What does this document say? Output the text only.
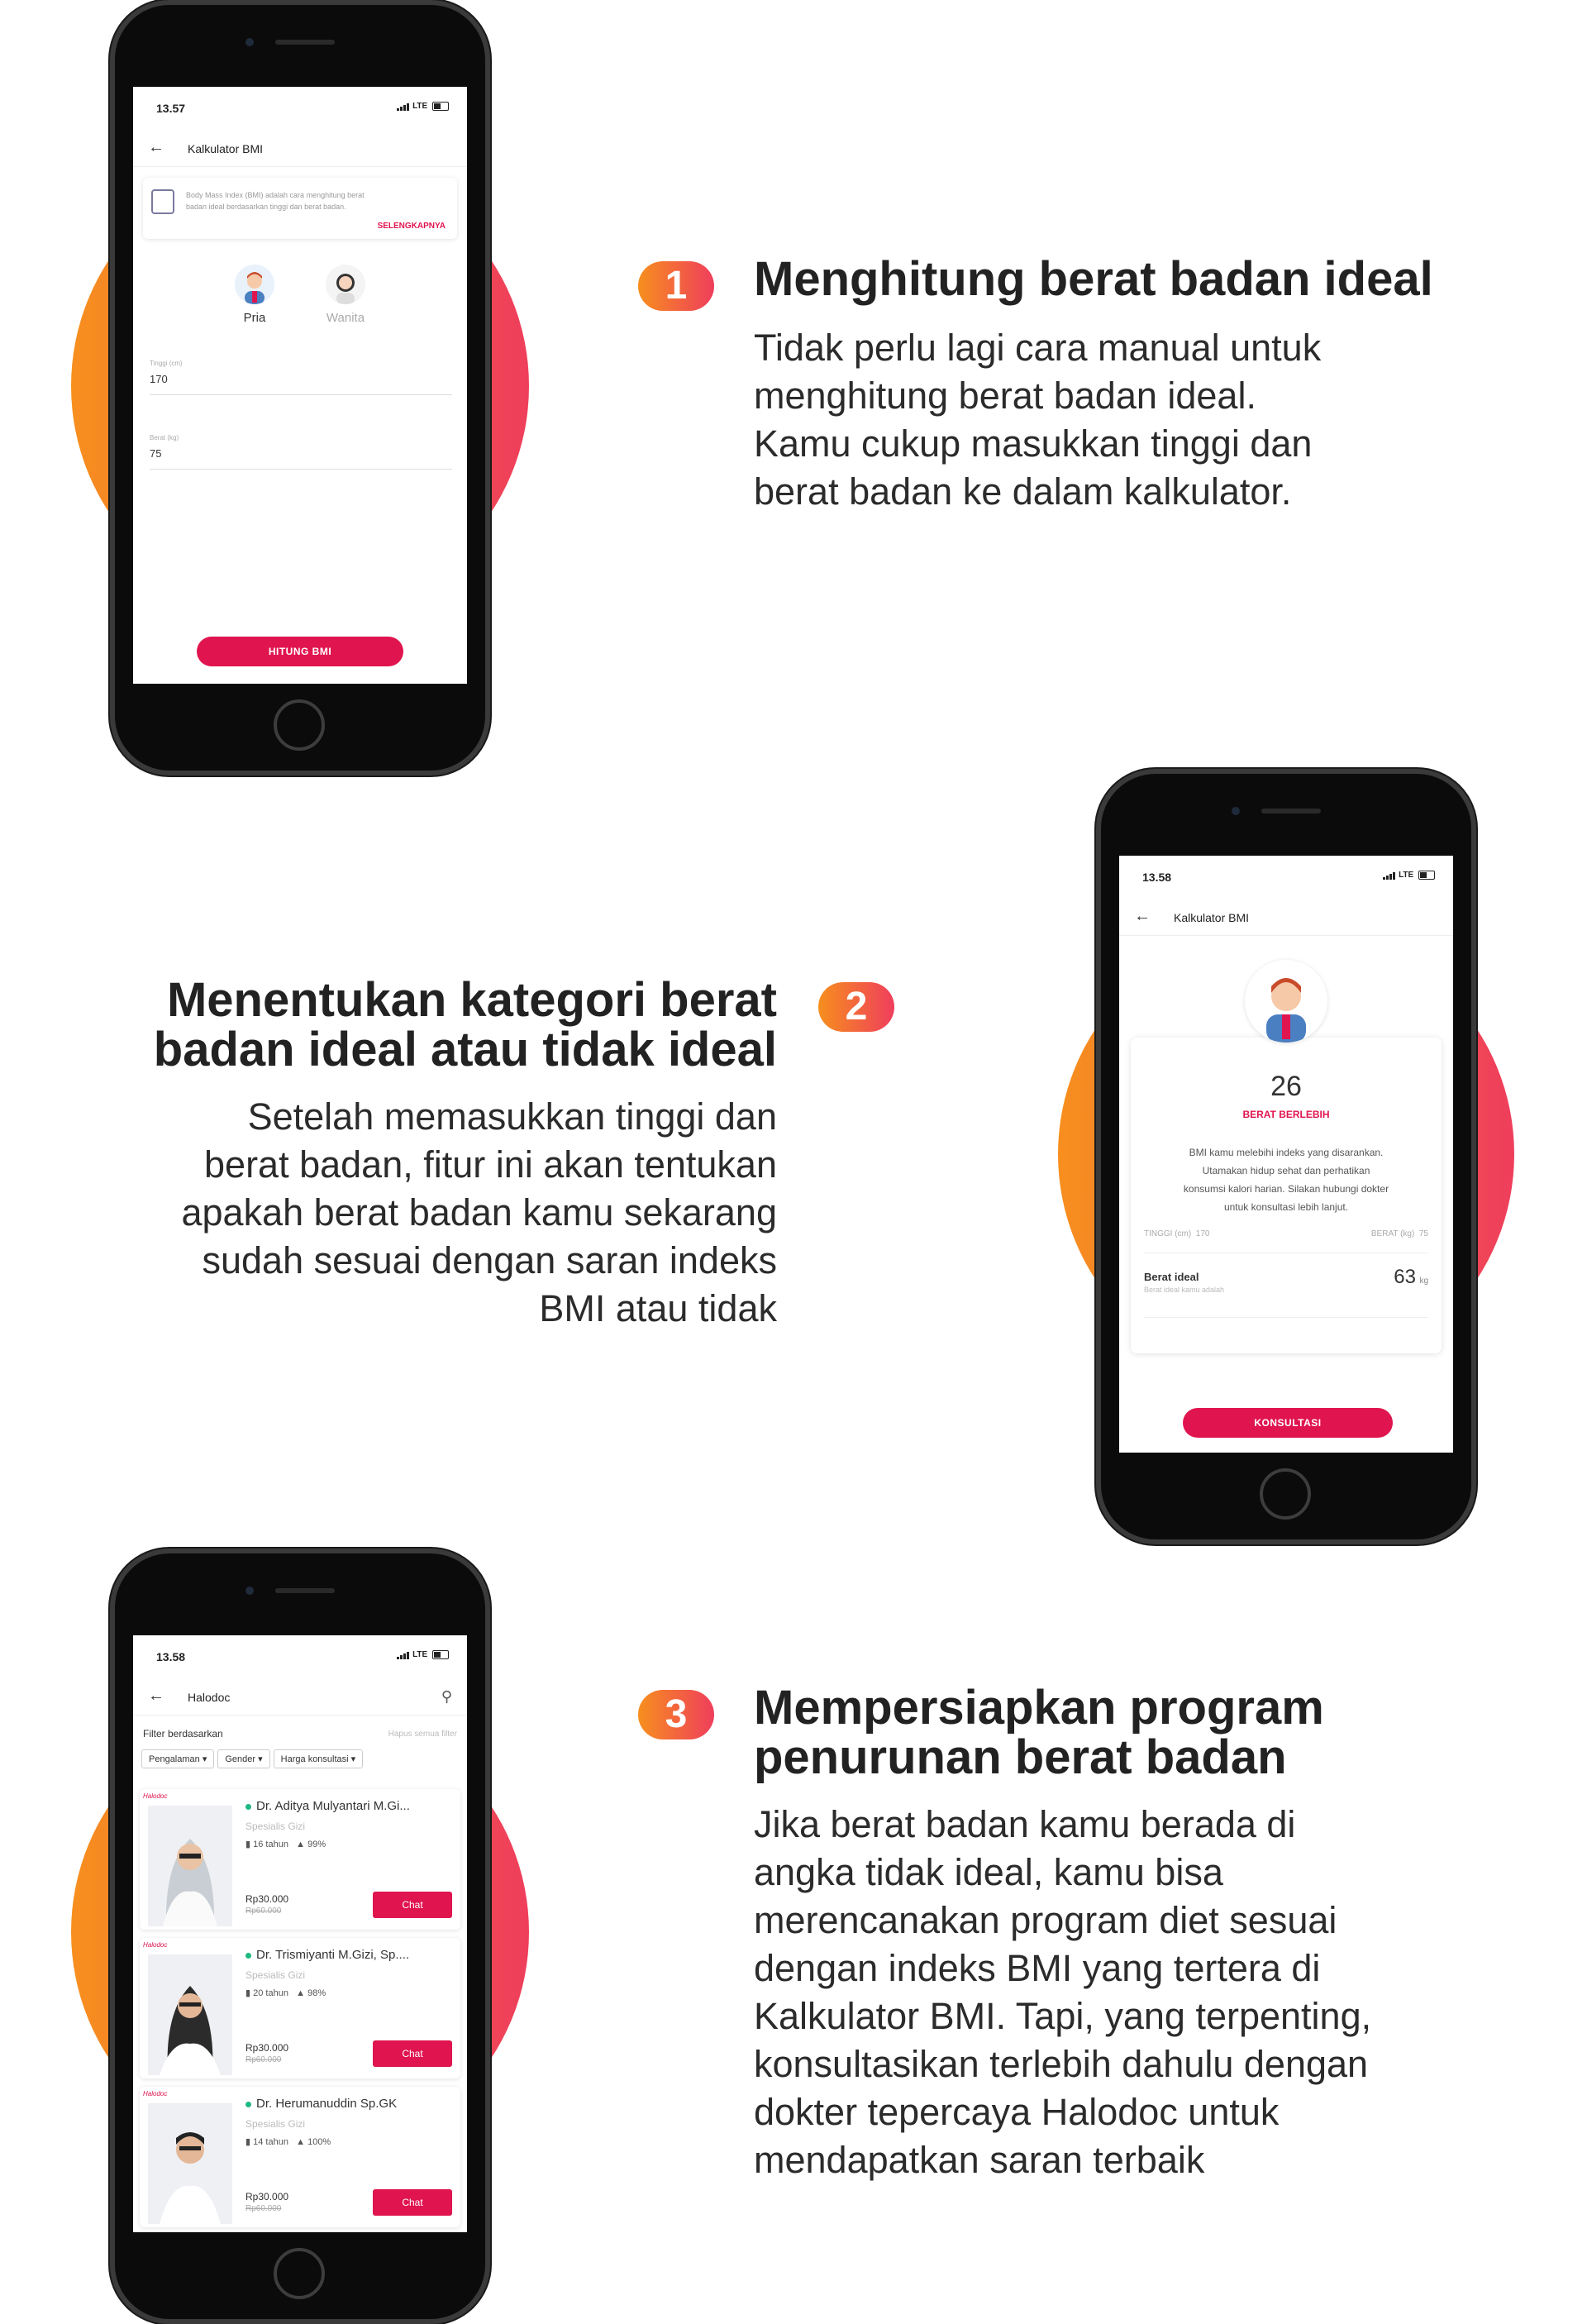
13.57	LTE
← Kalkulator BMI
Body Mass Index (BMI) adalah cara menghitung berat
badan ideal berdasarkan tinggi dan berat badan.
SELENGKAPNYA
Pria	Wanita
Tinggi (cm)
170
Berat (kg)
75
HITUNG BMI
1	Menghitung berat badan ideal
Tidak perlu lagi cara manual untuk
menghitung berat badan ideal.
Kamu cukup masukkan tinggi dan
berat badan ke dalam kalkulator.
Menentukan kategori berat
badan ideal atau tidak ideal
2
Setelah memasukkan tinggi dan
berat badan, fitur ini akan tentukan
apakah berat badan kamu sekarang
sudah sesuai dengan saran indeks
BMI atau tidak
13.58	LTE
← Kalkulator BMI
26
BERAT BERLEBIH
BMI kamu melebihi indeks yang disarankan.
Utamakan hidup sehat dan perhatikan
konsumsi kalori harian. Silakan hubungi dokter
untuk konsultasi lebih lanjut.
TINGGI (cm) 170	BERAT (kg) 75
Berat ideal
Berat ideal kamu adalah
63 kg
KONSULTASI
13.58	LTE
← Halodoc	⚲
Filter berdasarkan	Hapus semua filter
Pengalaman ▾ Gender ▾ Harga konsultasi ▾
Halodoc
Dr. Aditya Mulyantari M.Gi...
Spesialis Gizi
▮ 16 tahun ▲ 99%
Rp30.000
Rp60.000
Chat
Halodoc
Dr. Trismiyanti M.Gizi, Sp....
Spesialis Gizi
▮ 20 tahun ▲ 98%
Rp30.000
Rp60.000
Chat
Halodoc
Dr. Herumanuddin Sp.GK
Spesialis Gizi
▮ 14 tahun ▲ 100%
Rp30.000
Rp60.000
Chat
3	Mempersiapkan program
penurunan berat badan
Jika berat badan kamu berada di
angka tidak ideal, kamu bisa
merencanakan program diet sesuai
dengan indeks BMI yang tertera di
Kalkulator BMI. Tapi, yang terpenting,
konsultasikan terlebih dahulu dengan
dokter tepercaya Halodoc untuk
mendapatkan saran terbaik
